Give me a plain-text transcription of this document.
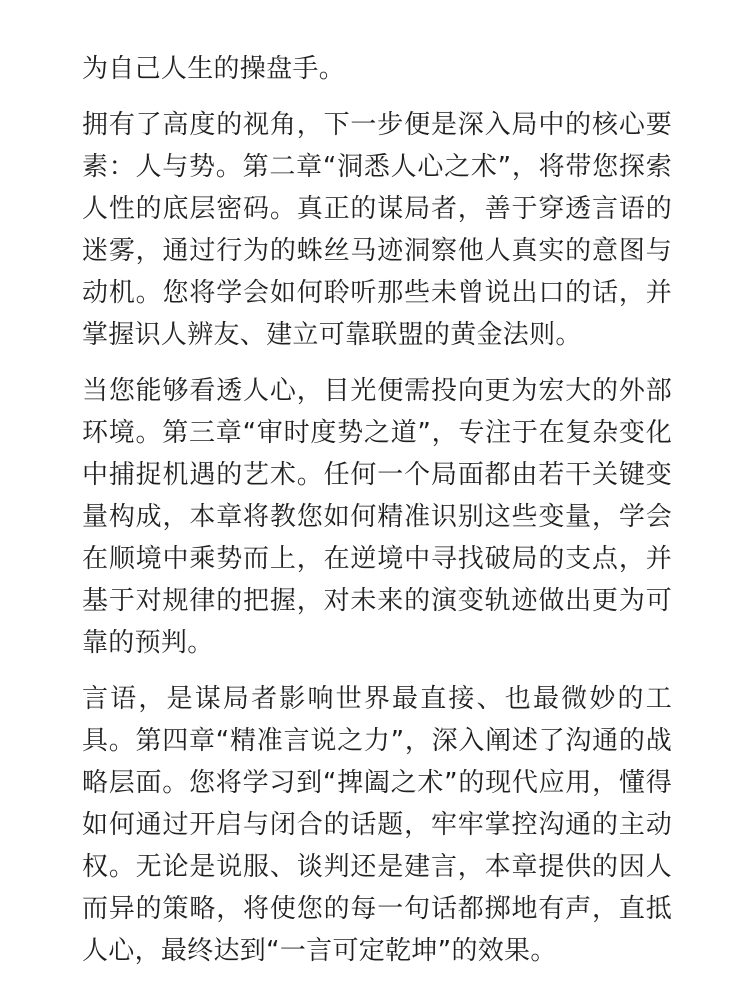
为自己人生的操盘手。

拥有了高度的视角，下一步便是深入局中的核心要素：人与势。第二章“洞悉人心之术”，将带您探索人性的底层密码。真正的谋局者，善于穿透言语的迷雾，通过行为的蛛丝马迹洞察他人真实的意图与动机。您将学会如何聆听那些未曾说出口的话，并掌握识人辨友、建立可靠联盟的黄金法则。

当您能够看透人心，目光便需投向更为宏大的外部环境。第三章“审时度势之道”，专注于在复杂变化中捕捉机遇的艺术。任何一个局面都由若干关键变量构成，本章将教您如何精准识别这些变量，学会在顺境中乘势而上，在逆境中寻找破局的支点，并基于对规律的把握，对未来的演变轨迹做出更为可靠的预判。

言语，是谋局者影响世界最直接、也最微妙的工具。第四章“精准言说之力”，深入阐述了沟通的战略层面。您将学习到“捭阖之术”的现代应用，懂得如何通过开启与闭合的话题，牢牢掌控沟通的主动权。无论是说服、谈判还是建言，本章提供的因人而异的策略，将使您的每一句话都掷地有声，直抵人心，最终达到“一言可定乾坤”的效果。
